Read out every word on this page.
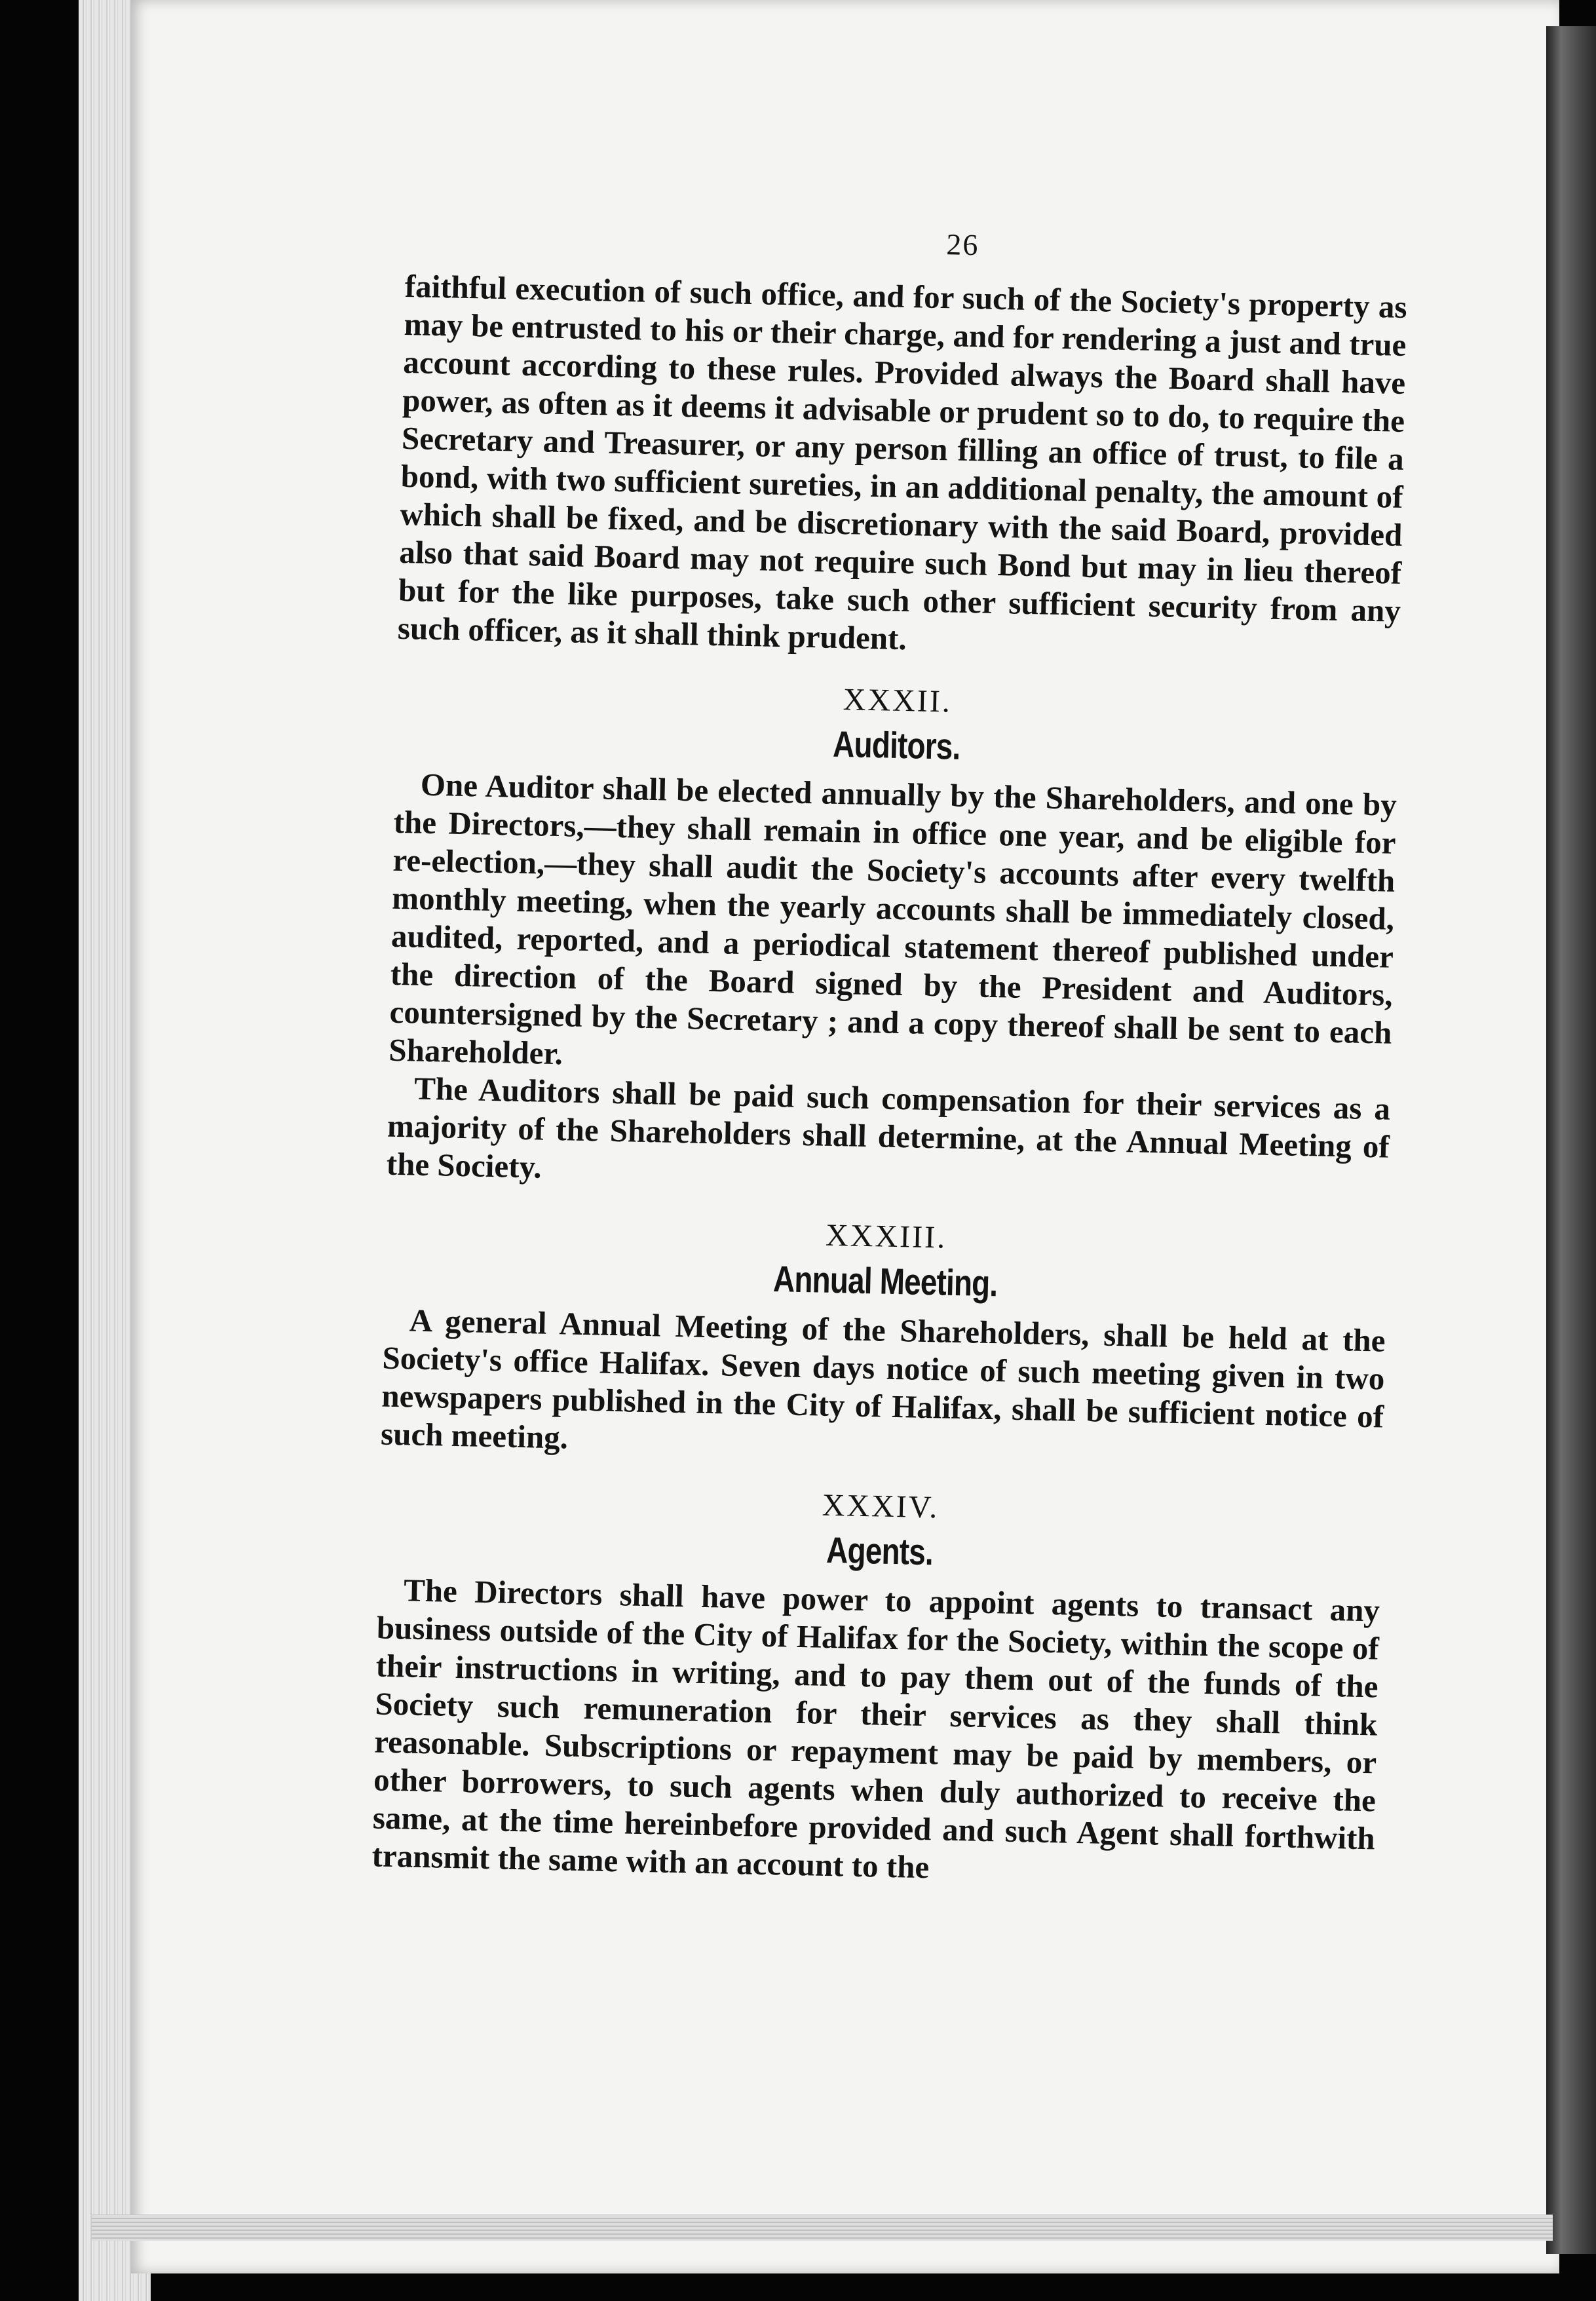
26

faithful execution of such office, and for such of the Society's property as may be entrusted to his or their charge, and for rendering a just and true account according to these rules. Provided always the Board shall have power, as often as it deems it advisable or prudent so to do, to require the Secretary and Treasurer, or any person filling an office of trust, to file a bond, with two sufficient sureties, in an additional penalty, the amount of which shall be fixed, and be discretionary with the said Board, provided also that said Board may not require such Bond but may in lieu thereof but for the like purposes, take such other sufficient security from any such officer, as it shall think prudent.

XXXII.
Auditors.

One Auditor shall be elected annually by the Shareholders, and one by the Directors,—they shall remain in office one year, and be eligible for re-election,—they shall audit the Society's accounts after every twelfth monthly meeting, when the yearly accounts shall be immediately closed, audited, reported, and a periodical statement thereof published under the direction of the Board signed by the President and Auditors, countersigned by the Secretary ; and a copy thereof shall be sent to each Shareholder.

The Auditors shall be paid such compensation for their services as a majority of the Shareholders shall determine, at the Annual Meeting of the Society.

XXXIII.
Annual Meeting.

A general Annual Meeting of the Shareholders, shall be held at the Society's office Halifax. Seven days notice of such meeting given in two newspapers published in the City of Halifax, shall be sufficient notice of such meeting.

XXXIV.
Agents.

The Directors shall have power to appoint agents to transact any business outside of the City of Halifax for the Society, within the scope of their instructions in writing, and to pay them out of the funds of the Society such remuneration for their services as they shall think reasonable. Subscriptions or repayment may be paid by members, or other borrowers, to such agents when duly authorized to receive the same, at the time hereinbefore provided and such Agent shall forthwith transmit the same with an account to the
